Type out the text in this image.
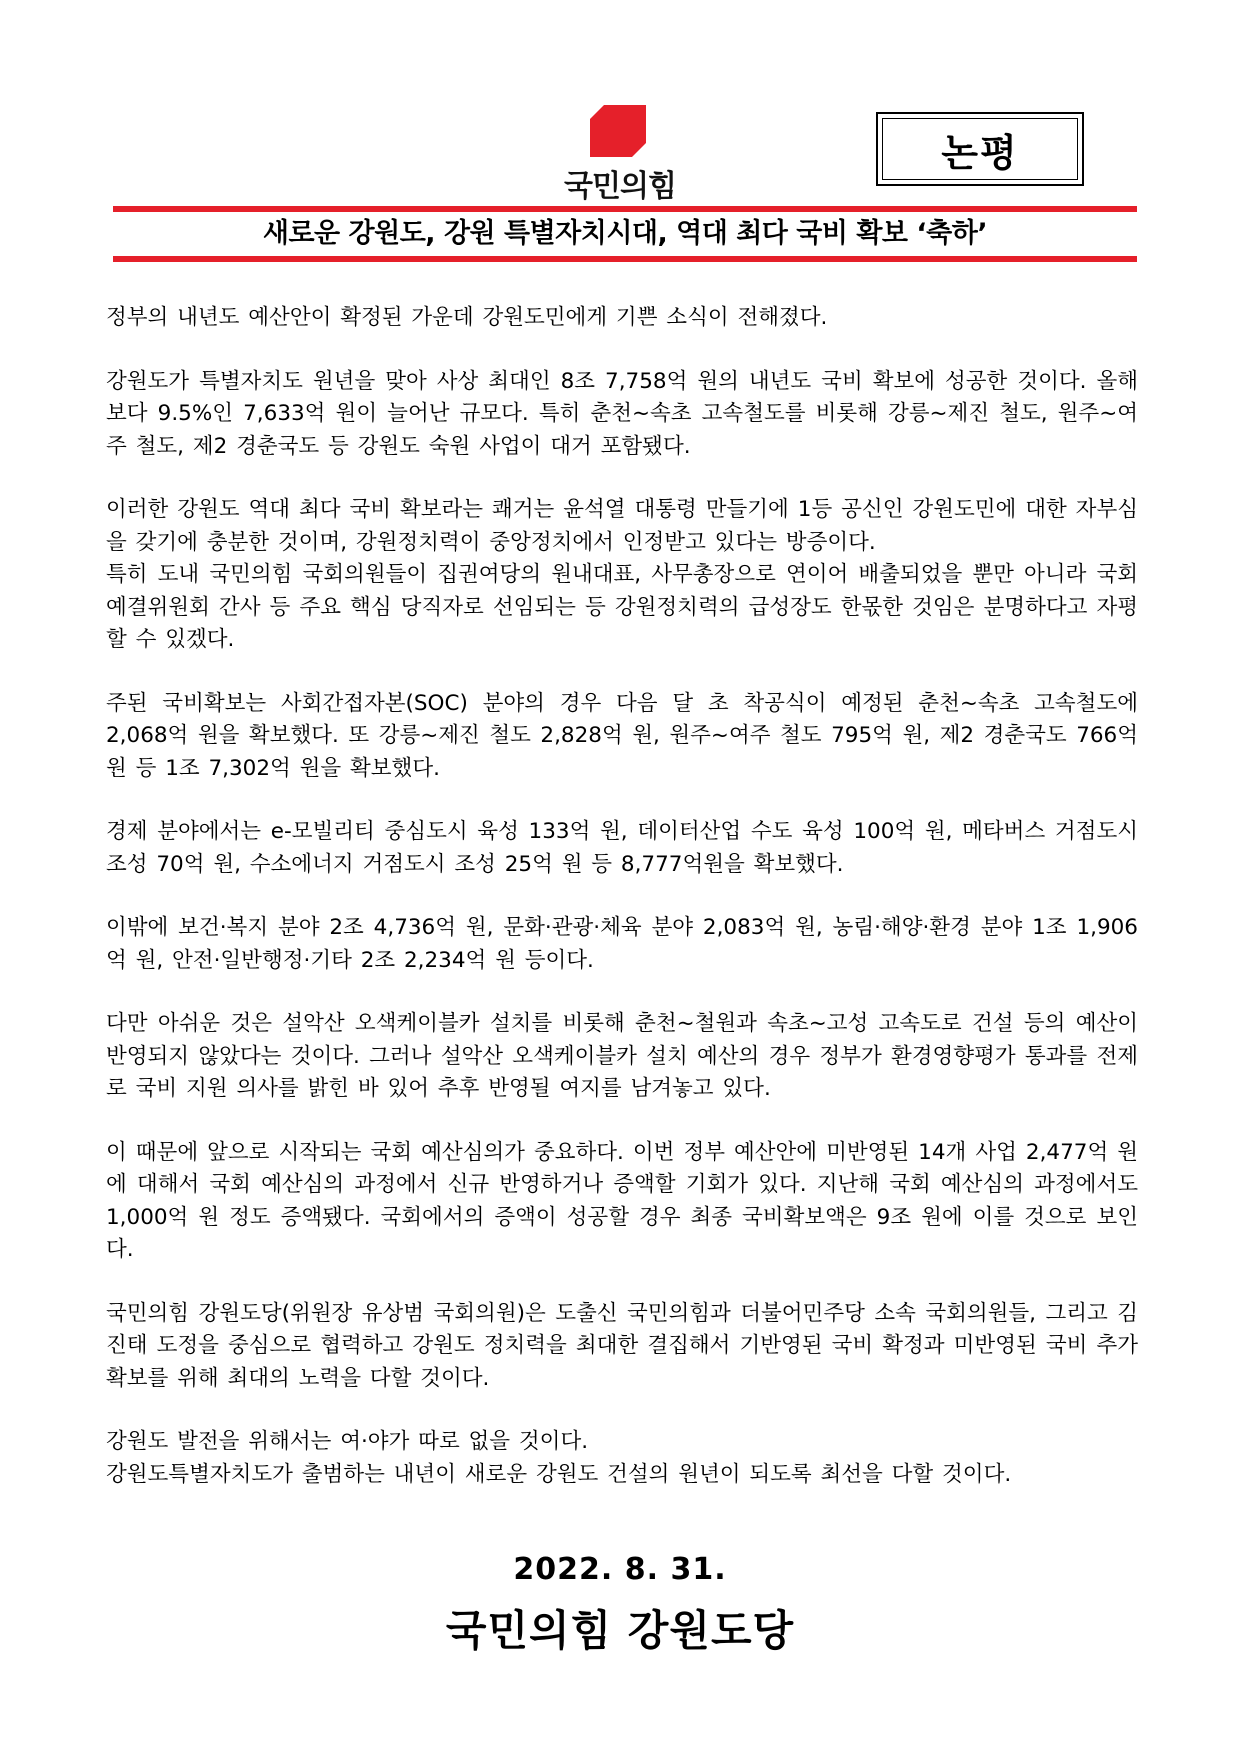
국민의힘
논평
새로운 강원도, 강원 특별자치시대, 역대 최다 국비 확보 ‘축하’

정부의 내년도 예산안이 확정된 가운데 강원도민에게 기쁜 소식이 전해졌다.

강원도가 특별자치도 원년을 맞아 사상 최대인 8조 7,758억 원의 내년도 국비 확보에 성공한 것이다. 올해보다 9.5%인 7,633억 원이 늘어난 규모다. 특히 춘천~속초 고속철도를 비롯해 강릉~제진 철도, 원주~여주 철도, 제2 경춘국도 등 강원도 숙원 사업이 대거 포함됐다.

이러한 강원도 역대 최다 국비 확보라는 쾌거는 윤석열 대통령 만들기에 1등 공신인 강원도민에 대한 자부심을 갖기에 충분한 것이며, 강원정치력이 중앙정치에서 인정받고 있다는 방증이다.
특히 도내 국민의힘 국회의원들이 집권여당의 원내대표, 사무총장으로 연이어 배출되었을 뿐만 아니라 국회예결위원회 간사 등 주요 핵심 당직자로 선임되는 등 강원정치력의 급성장도 한몫한 것임은 분명하다고 자평할 수 있겠다.

주된 국비확보는 사회간접자본(SOC) 분야의 경우 다음 달 초 착공식이 예정된 춘천~속초 고속철도에 2,068억 원을 확보했다. 또 강릉~제진 철도 2,828억 원, 원주~여주 철도 795억 원, 제2 경춘국도 766억 원 등 1조 7,302억 원을 확보했다.

경제 분야에서는 e-모빌리티 중심도시 육성 133억 원, 데이터산업 수도 육성 100억 원, 메타버스 거점도시 조성 70억 원, 수소에너지 거점도시 조성 25억 원 등 8,777억원을 확보했다.

이밖에 보건·복지 분야 2조 4,736억 원, 문화·관광·체육 분야 2,083억 원, 농림·해양·환경 분야 1조 1,906억 원, 안전·일반행정·기타 2조 2,234억 원 등이다.

다만 아쉬운 것은 설악산 오색케이블카 설치를 비롯해 춘천~철원과 속초~고성 고속도로 건설 등의 예산이 반영되지 않았다는 것이다. 그러나 설악산 오색케이블카 설치 예산의 경우 정부가 환경영향평가 통과를 전제로 국비 지원 의사를 밝힌 바 있어 추후 반영될 여지를 남겨놓고 있다.

이 때문에 앞으로 시작되는 국회 예산심의가 중요하다. 이번 정부 예산안에 미반영된 14개 사업 2,477억 원에 대해서 국회 예산심의 과정에서 신규 반영하거나 증액할 기회가 있다. 지난해 국회 예산심의 과정에서도 1,000억 원 정도 증액됐다. 국회에서의 증액이 성공할 경우 최종 국비확보액은 9조 원에 이를 것으로 보인다.

국민의힘 강원도당(위원장 유상범 국회의원)은 도출신 국민의힘과 더불어민주당 소속 국회의원들, 그리고 김진태 도정을 중심으로 협력하고 강원도 정치력을 최대한 결집해서 기반영된 국비 확정과 미반영된 국비 추가 확보를 위해 최대의 노력을 다할 것이다.

강원도 발전을 위해서는 여·야가 따로 없을 것이다.
강원도특별자치도가 출범하는 내년이 새로운 강원도 건설의 원년이 되도록 최선을 다할 것이다.

2022. 8. 31.
국민의힘 강원도당
